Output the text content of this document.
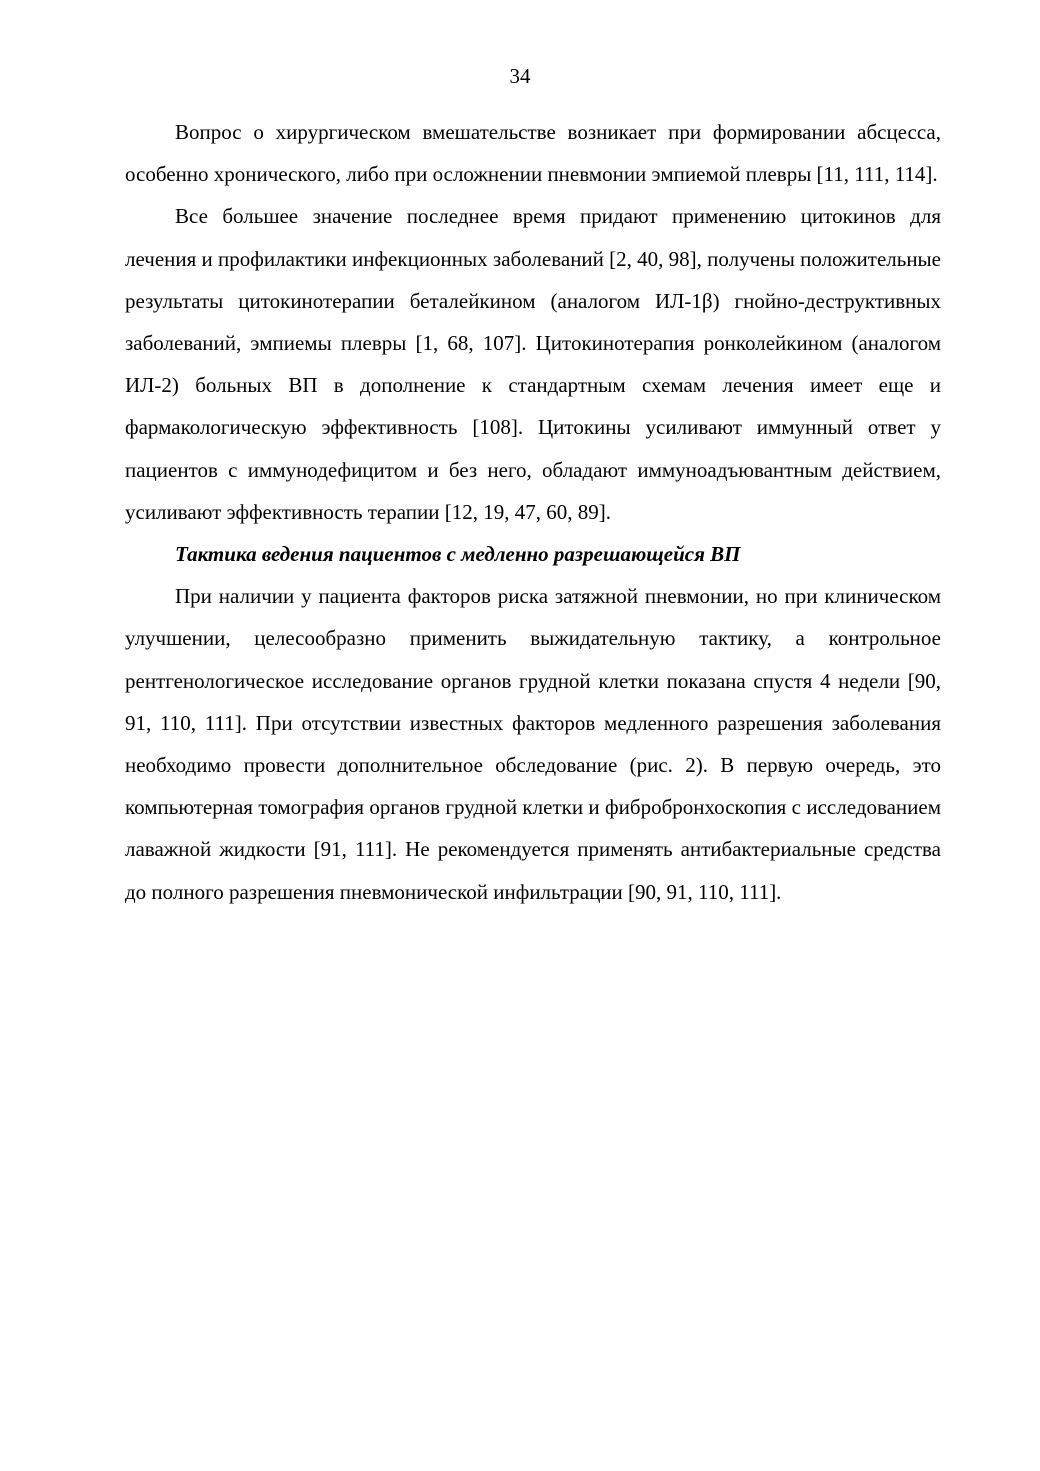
34

Вопрос о хирургическом вмешательстве возникает при формировании абсцесса, особенно хронического, либо при осложнении пневмонии эмпиемой плевры [11, 111, 114].

Все большее значение последнее время придают применению цитокинов для лечения и профилактики инфекционных заболеваний [2, 40, 98], получены положительные результаты цитокинотерапии беталейкином (аналогом ИЛ-1β) гнойно-деструктивных заболеваний, эмпиемы плевры [1, 68, 107]. Цитокинотерапия ронколейкином (аналогом ИЛ-2) больных ВП в дополнение к стандартным схемам лечения имеет еще и фармакологическую эффективность [108]. Цитокины усиливают иммунный ответ у пациентов с иммунодефицитом и без него, обладают иммуноадъювантным действием, усиливают эффективность терапии [12, 19, 47, 60, 89].

Тактика ведения пациентов с медленно разрешающейся ВП

При наличии у пациента факторов риска затяжной пневмонии, но при клиническом улучшении, целесообразно применить выжидательную тактику, а контрольное рентгенологическое исследование органов грудной клетки показана спустя 4 недели [90, 91, 110, 111]. При отсутствии известных факторов медленного разрешения заболевания необходимо провести дополнительное обследование (рис. 2). В первую очередь, это компьютерная томография органов грудной клетки и фибробронхоскопия с исследованием лаважной жидкости [91, 111]. Не рекомендуется применять антибактериальные средства до полного разрешения пневмонической инфильтрации [90, 91, 110, 111].
